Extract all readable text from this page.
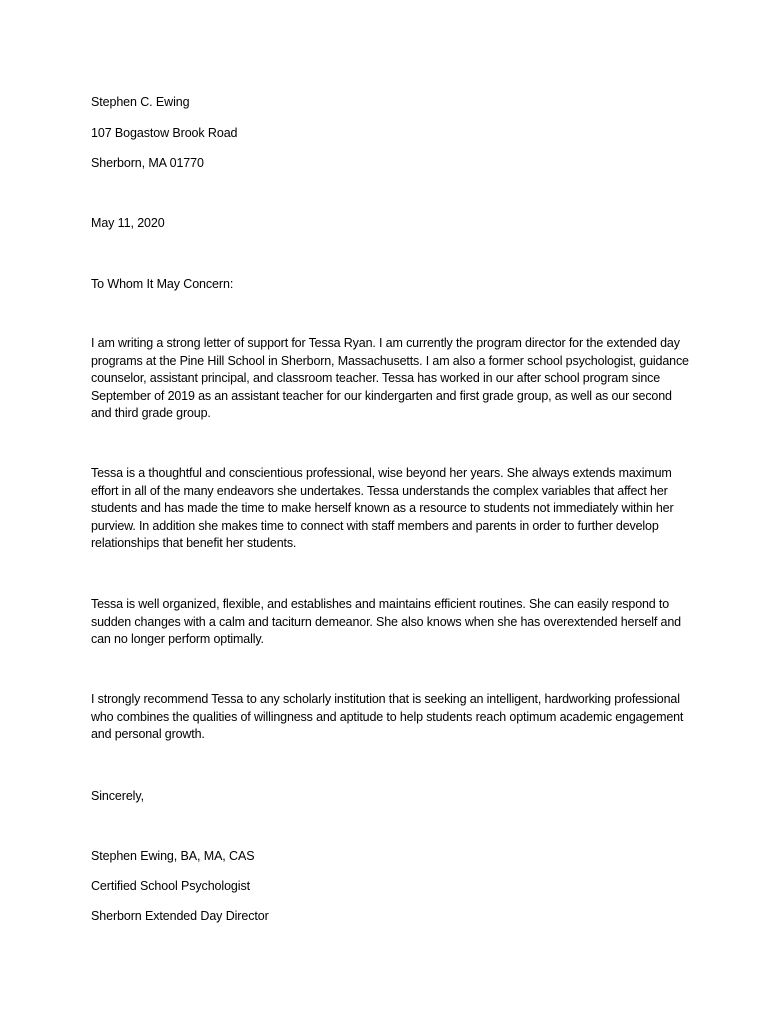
Stephen C. Ewing
107 Bogastow Brook Road
Sherborn, MA 01770
May 11, 2020
To Whom It May Concern:
I am writing a strong letter of support for Tessa Ryan. I am currently the program director for the extended day programs at the Pine Hill School in Sherborn, Massachusetts. I am also a former school psychologist, guidance counselor, assistant principal, and classroom teacher. Tessa has worked in our after school program since September of 2019 as an assistant teacher for our kindergarten and first grade group, as well as our second and third grade group.
Tessa is a thoughtful and conscientious professional, wise beyond her years. She always extends maximum effort in all of the many endeavors she undertakes. Tessa understands the complex variables that affect her students and has made the time to make herself known as a resource to students not immediately within her purview. In addition she makes time to connect with staff members and parents in order to further develop relationships that benefit her students.
Tessa is well organized, flexible, and establishes and maintains efficient routines. She can easily respond to sudden changes with a calm and taciturn demeanor. She also knows when she has overextended herself and can no longer perform optimally.
I strongly recommend Tessa to any scholarly institution that is seeking an intelligent, hardworking professional who combines the qualities of willingness and aptitude to help students reach optimum academic engagement and personal growth.
Sincerely,
Stephen Ewing, BA, MA, CAS
Certified School Psychologist
Sherborn Extended Day Director
